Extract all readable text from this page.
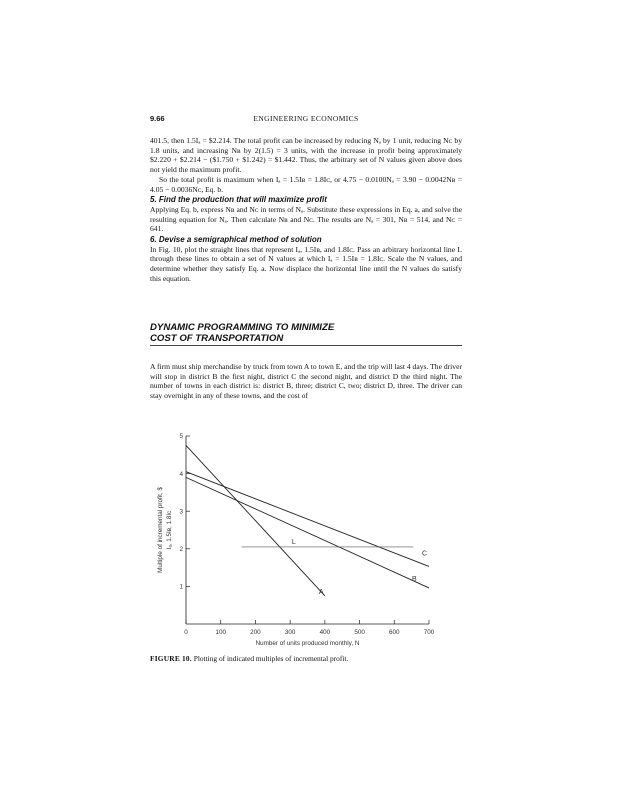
9.66	ENGINEERING ECONOMICS
401.5, then 1.5Iₐ = $2.214. The total profit can be increased by reducing Nₐ by 1 unit, reducing Nᴄ by 1.8 units, and increasing Nʙ by 2(1.5) = 3 units, with the increase in profit being approximately $2.220 + $2.214 − ($1.750 + $1.242) = $1.442. Thus, the arbitrary set of N values given above does not yield the maximum profit.
So the total profit is maximum when Iₐ = 1.5Iʙ = 1.8Iᴄ, or 4.75 − 0.0100Nₐ = 3.90 − 0.0042Nʙ = 4.05 − 0.0036Nᴄ, Eq. b.
5. Find the production that will maximize profit
Applying Eq. b, express Nʙ and Nᴄ in terms of Nₐ. Substitute these expressions in Eq. a, and solve the resulting equation for Nₐ. Then calculate Nʙ and Nᴄ. The results are Nₐ = 301, Nʙ = 514, and Nᴄ = 641.
6. Devise a semigraphical method of solution
In Fig. 10, plot the straight lines that represent Iₐ, 1.5Iʙ, and 1.8Iᴄ. Pass an arbitrary horizontal line L through these lines to obtain a set of N values at which Iₐ = 1.5Iʙ = 1.8Iᴄ. Scale the N values, and determine whether they satisfy Eq. a. Now displace the horizontal line until the N values do satisfy this equation.
DYNAMIC PROGRAMMING TO MINIMIZE
COST OF TRANSPORTATION
A firm must ship merchandise by truck from town A to town E, and the trip will last 4 days. The driver will stop in district B the first night, district C the second night, and district D the third night. The number of towns in each district is: district B, three; district C, two; district D, three. The driver can stay overnight in any of these towns, and the cost of
0	100	200	300	400	500	600	700
1
2
3
4
5
A
B
C
L
Number of units produced monthly, N
Multiple of incremental profit, $ Iₐ, 1.5Iʙ, 1.8Iᴄ
FIGURE 10. Plotting of indicated multiples of incremental profit.
